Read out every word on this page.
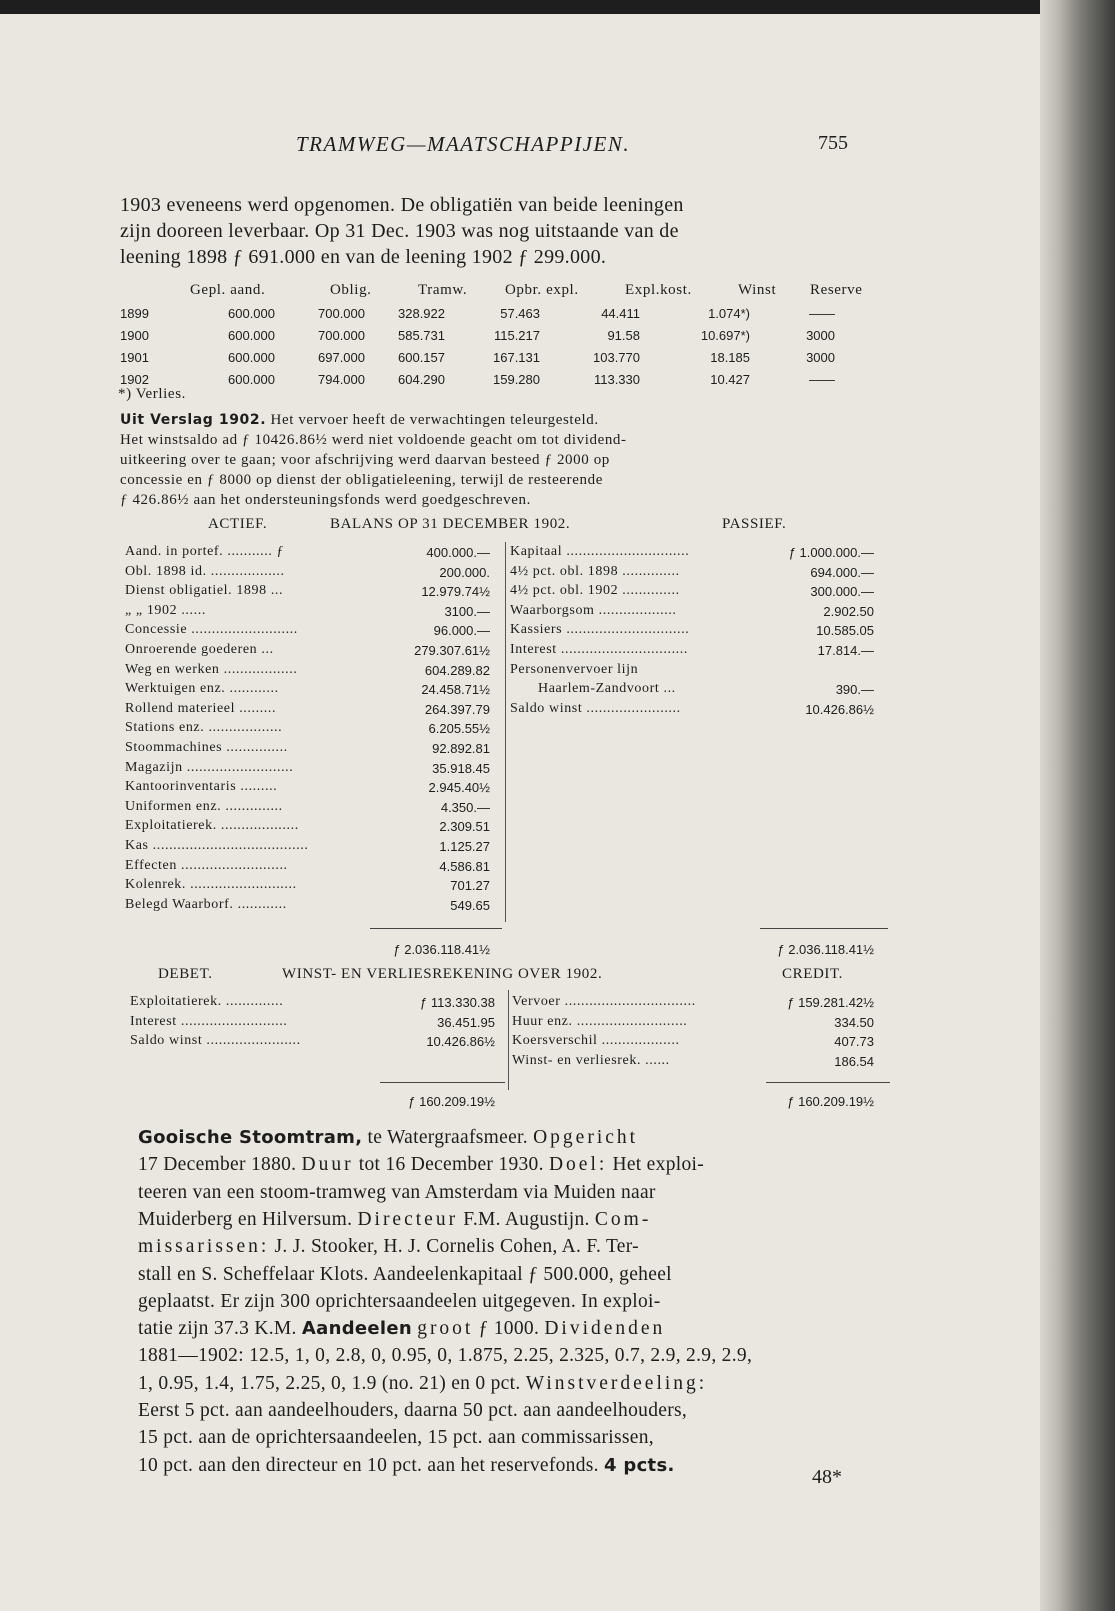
TRAMWEG—MAATSCHAPPIJEN.	755
1903 eveneens werd opgenomen. De obligatiën van beide leeningen
zijn dooreen leverbaar. Op 31 Dec. 1903 was nog uitstaande van de
leening 1898 ƒ 691.000 en van de leening 1902 ƒ 299.000.
Gepl. aand.	Oblig.	Tramw.	Opbr. expl.	Expl.kost.	Winst Reserve
1899	600.000	700.000	328.922	57.463	44.411	1.074*)	——
1900	600.000	700.000	585.731	115.217	91.58	10.697*)	3000
1901	600.000	697.000	600.157	167.131	103.770	18.185	3000
1902	600.000	794.000	604.290	159.280	113.330	10.427	——
*) Verlies.
Uit Verslag 1902. Het vervoer heeft de verwachtingen teleurgesteld.
Het winstsaldo ad ƒ 10426.86½ werd niet voldoende geacht om tot dividend-
uitkeering over te gaan; voor afschrijving werd daarvan besteed ƒ 2000 op
concessie en ƒ 8000 op dienst der obligatieleening, terwijl de resteerende
ƒ 426.86½ aan het ondersteuningsfonds werd goedgeschreven.
ACTIEF.	BALANS OP 31 DECEMBER 1902.	PASSIEF.
Aand. in portef. ........... ƒ	400.000.—
Obl. 1898 id. ..................	200.000.
Dienst obligatiel. 1898 ...	12.979.74½
„ „ 1902 ......	3100.—
Concessie ..........................	96.000.—
Onroerende goederen ...	279.307.61½
Weg en werken ..................	604.289.82
Werktuigen enz. ............	24.458.71½
Rollend materieel .........	264.397.79
Stations enz. ..................	6.205.55½
Stoommachines ...............	92.892.81
Magazijn ..........................	35.918.45
Kantoorinventaris .........	2.945.40½
Uniformen enz. ..............	4.350.—
Exploitatierek. ...................	2.309.51
Kas ......................................	1.125.27
Effecten ..........................	4.586.81
Kolenrek. ..........................	701.27
Belegd Waarborf. ............	549.65
Kapitaal ..............................	ƒ 1.000.000.—
4½ pct. obl. 1898 ..............	694.000.—
4½ pct. obl. 1902 ..............	300.000.—
Waarborgsom ...................	2.902.50
Kassiers ..............................	10.585.05
Interest ...............................	17.814.—
Personenvervoer lijn
Haarlem-Zandvoort ...	390.—
Saldo winst .......................	10.426.86½
ƒ 2.036.118.41½	ƒ 2.036.118.41½
DEBET.	WINST- EN VERLIESREKENING OVER 1902.	CREDIT.
Exploitatierek. ..............	ƒ 113.330.38
Interest ..........................	36.451.95
Saldo winst .......................	10.426.86½
Vervoer ................................	ƒ 159.281.42½
Huur enz. ...........................	334.50
Koersverschil ...................	407.73
Winst- en verliesrek. ......	186.54
ƒ 160.209.19½	ƒ 160.209.19½
Gooische Stoomtram, te Watergraafsmeer. Opgericht
17 December 1880. Duur tot 16 December 1930. Doel: Het exploi-
teeren van een stoom-tramweg van Amsterdam via Muiden naar
Muiderberg en Hilversum. Directeur F.M. Augustijn. Com-
missarissen: J. J. Stooker, H. J. Cornelis Cohen, A. F. Ter-
stall en S. Scheffelaar Klots. Aandeelenkapitaal ƒ 500.000, geheel
geplaatst. Er zijn 300 oprichtersaandeelen uitgegeven. In exploi-
tatie zijn 37.3 K.M. Aandeelen groot ƒ 1000. Dividenden
1881—1902: 12.5, 1, 0, 2.8, 0, 0.95, 0, 1.875, 2.25, 2.325, 0.7, 2.9, 2.9, 2.9,
1, 0.95, 1.4, 1.75, 2.25, 0, 1.9 (no. 21) en 0 pct. Winstverdeeling:
Eerst 5 pct. aan aandeelhouders, daarna 50 pct. aan aandeelhouders,
15 pct. aan de oprichtersaandeelen, 15 pct. aan commissarissen,
10 pct. aan den directeur en 10 pct. aan het reservefonds. 4 pcts.
48*
